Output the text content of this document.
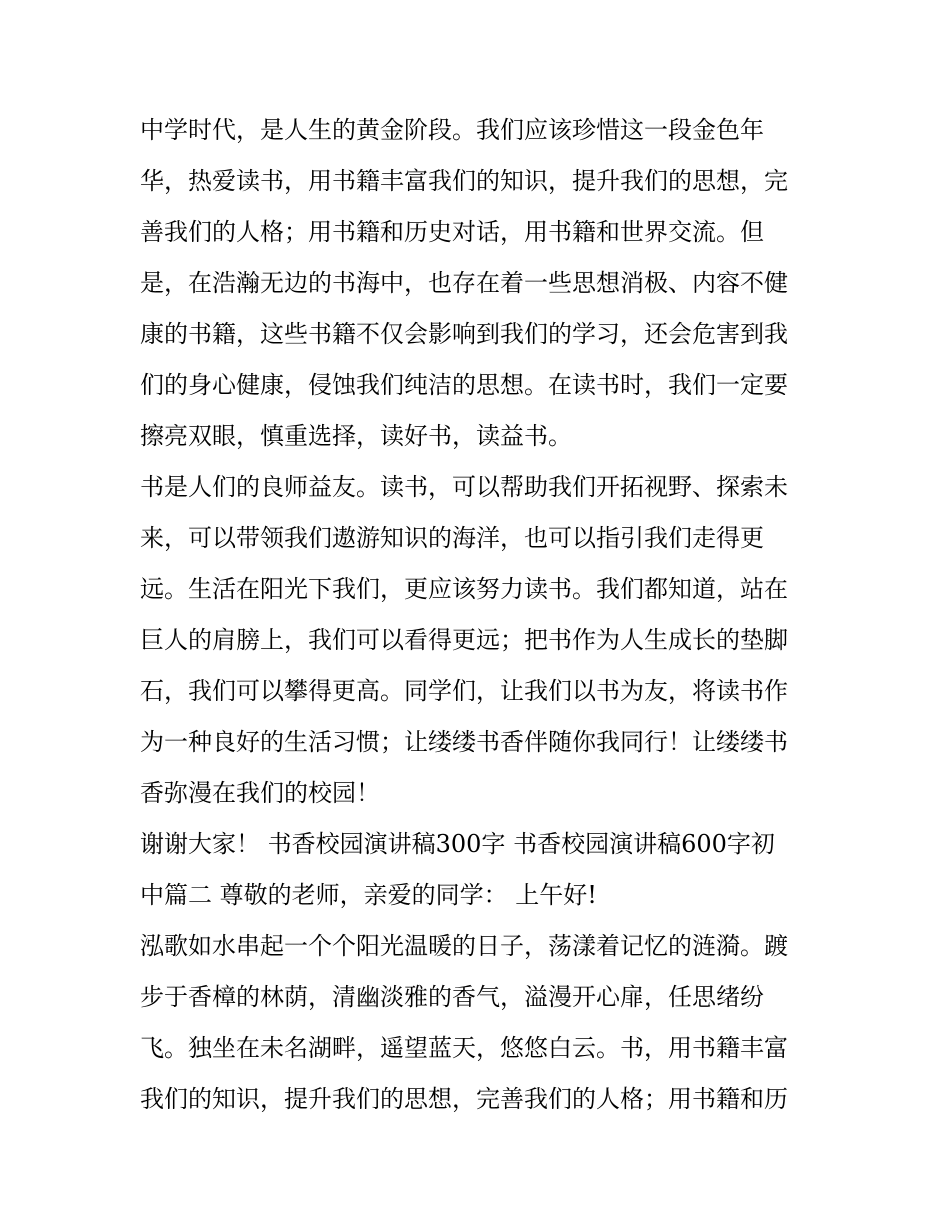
中学时代，是人生的黄金阶段。我们应该珍惜这一段金色年
华，热爱读书，用书籍丰富我们的知识，提升我们的思想，完
善我们的人格；用书籍和历史对话，用书籍和世界交流。但
是，在浩瀚无边的书海中，也存在着一些思想消极、内容不健
康的书籍，这些书籍不仅会影响到我们的学习，还会危害到我
们的身心健康，侵蚀我们纯洁的思想。在读书时，我们一定要
擦亮双眼，慎重选择，读好书，读益书。
书是人们的良师益友。读书，可以帮助我们开拓视野、探索未
来，可以带领我们遨游知识的海洋，也可以指引我们走得更
远。生活在阳光下我们，更应该努力读书。我们都知道，站在
巨人的肩膀上，我们可以看得更远；把书作为人生成长的垫脚
石，我们可以攀得更高。同学们，让我们以书为友，将读书作
为一种良好的生活习惯；让缕缕书香伴随你我同行！让缕缕书
香弥漫在我们的校园！
谢谢大家！ 书香校园演讲稿300字 书香校园演讲稿600字初
中篇二 尊敬的老师，亲爱的同学： 上午好!
泓歌如水串起一个个阳光温暖的日子，荡漾着记忆的涟漪。踱
步于香樟的林荫，清幽淡雅的香气，溢漫开心扉，任思绪纷
飞。独坐在未名湖畔，遥望蓝天，悠悠白云。书，用书籍丰富
我们的知识，提升我们的思想，完善我们的人格；用书籍和历
